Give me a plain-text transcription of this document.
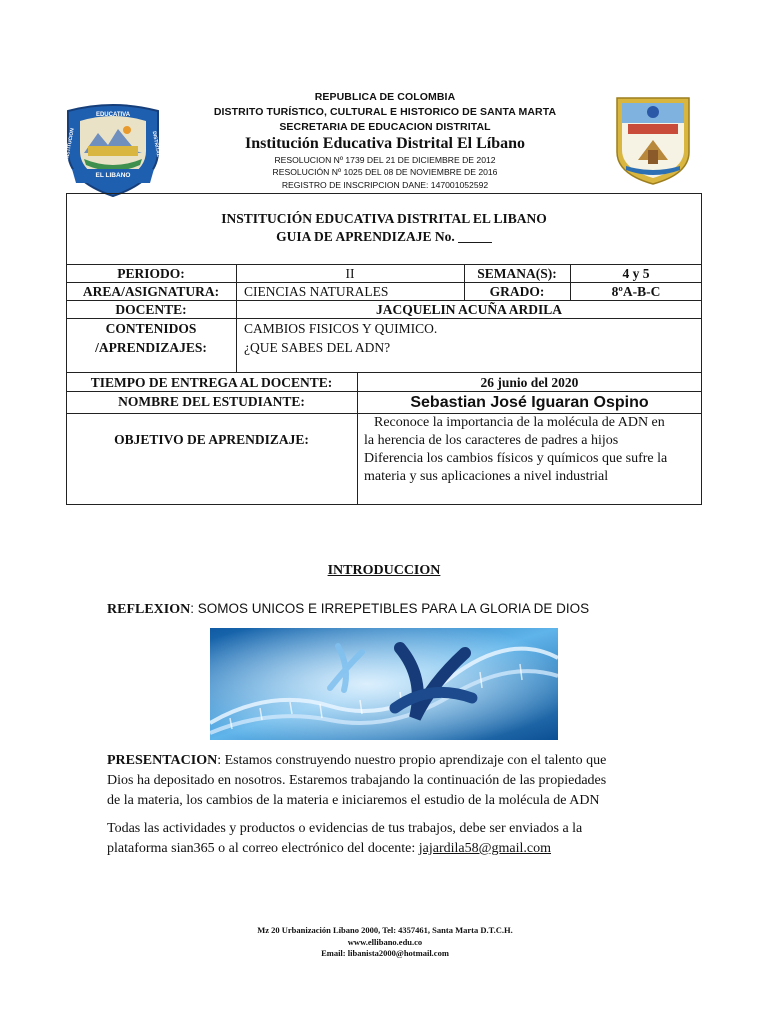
EDUCATIVA
INSTITUCION	DISTRITAL
EL LIBANO
REPUBLICA DE COLOMBIA
DISTRITO TURÍSTICO, CULTURAL E HISTORICO DE SANTA MARTA
SECRETARIA DE EDUCACION DISTRITAL
Institución Educativa Distrital El Líbano
RESOLUCION Nº 1739 DEL 21 DE DICIEMBRE DE 2012
RESOLUCIÓN Nº 1025 DEL 08 DE NOVIEMBRE DE 2016
REGISTRO DE INSCRIPCION DANE: 147001052592
INSTITUCIÓN EDUCATIVA DISTRITAL EL LIBANO
GUIA DE APRENDIZAJE No. _____
PERIODO:	II	SEMANA(S):	4 y 5
AREA/ASIGNATURA:	CIENCIAS NATURALES	GRADO:	8ºA-B-C
DOCENTE:	JACQUELIN ACUÑA ARDILA
CONTENIDOS
/APRENDIZAJES:
CAMBIOS FISICOS Y QUIMICO.
¿QUE SABES DEL ADN?
TIEMPO DE ENTREGA AL DOCENTE:	26 junio del 2020
NOMBRE DEL ESTUDIANTE:	Sebastian José Iguaran Ospino
OBJETIVO DE APRENDIZAJE:
Reconoce la importancia de la molécula de ADN en
la herencia de los caracteres de padres a hijos
Diferencia los cambios físicos y químicos que sufre la
materia y sus aplicaciones a nivel industrial
INTRODUCCION
REFLEXION: SOMOS UNICOS E IRREPETIBLES PARA LA GLORIA DE DIOS
PRESENTACION: Estamos construyendo nuestro propio aprendizaje con el talento que
Dios ha depositado en nosotros. Estaremos trabajando la continuación de las propiedades
de la materia, los cambios de la materia e iniciaremos el estudio de la molécula de ADN
Todas las actividades y productos o evidencias de tus trabajos, debe ser enviados a la
plataforma sian365 o al correo electrónico del docente: jajardila58@gmail.com
Mz 20 Urbanización Líbano 2000, Tel: 4357461, Santa Marta D.T.C.H.
www.ellibano.edu.co
Email: libanista2000@hotmail.com
